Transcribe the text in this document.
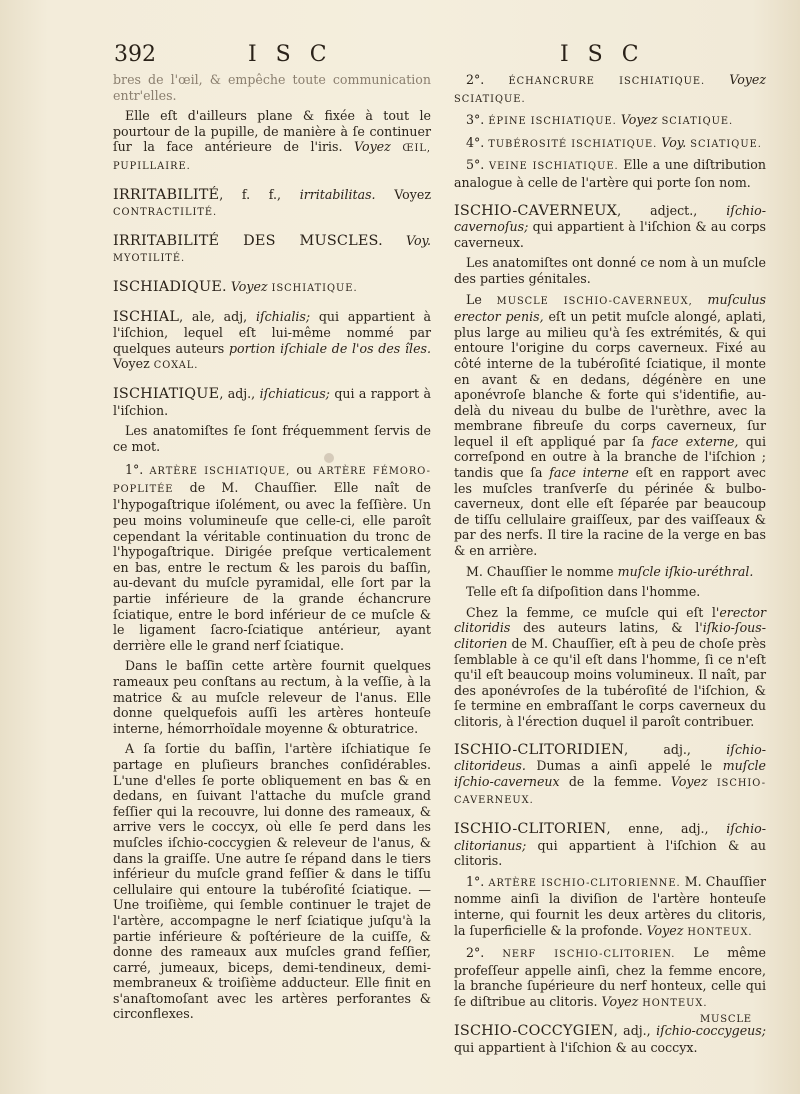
392	I S C	I S C

bres de l'œil, & empêche toute communication entr'elles.

Elle eſt d'ailleurs plane & fixée à tout le pourtour de la pupille, de manière à ſe continuer ſur la face antérieure de l'iris. Voyez ŒIL, PUPILLAIRE.

IRRITABILITÉ, f. f., irritabilitas. Voyez CONTRACTILITÉ.

IRRITABILITÉ DES MUSCLES. Voy. MYOTILITÉ.

ISCHIADIQUE. Voyez ISCHIATIQUE.

ISCHIAL, ale, adj, iſchialis; qui appartient à l'iſchion, lequel eſt lui-même nommé par quelques auteurs portion iſchiale de l'os des îles. Voyez COXAL.

ISCHIATIQUE, adj., iſchiaticus; qui a rapport à l'iſchion.

Les anatomiſtes ſe ſont fréquemment ſervis de ce mot.

1°. ARTÈRE ISCHIATIQUE, ou ARTÈRE FÉMORO-POPLITÉE de M. Chauſſier. Elle naît de l'hypogaſtrique iſolément, ou avec la feſſière. Un peu moins volumineuſe que celle-ci, elle paroît cependant la véritable continuation du tronc de l'hypogaſtrique. Dirigée preſque verticalement en bas, entre le rectum & les parois du baſſin, au-devant du muſcle pyramidal, elle ſort par la partie inférieure de la grande échancrure ſciatique, entre le bord inférieur de ce muſcle & le ligament ſacro-ſciatique antérieur, ayant derrière elle le grand nerf ſciatique.

Dans le baſſin cette artère fournit quelques rameaux peu conſtans au rectum, à la veſſie, à la matrice & au muſcle releveur de l'anus. Elle donne quelquefois auſſi les artères honteuſe interne, hémorrhoïdale moyenne & obturatrice.

A ſa ſortie du baſſin, l'artère iſchiatique ſe partage en pluſieurs branches conſidérables. L'une d'elles ſe porte obliquement en bas & en dedans, en ſuivant l'attache du muſcle grand feſſier qui la recouvre, lui donne des rameaux, & arrive vers le coccyx, où elle ſe perd dans les muſcles iſchio-coccygien & releveur de l'anus, & dans la graiſſe. Une autre ſe répand dans le tiers inférieur du muſcle grand feſſier & dans le tiſſu cellulaire qui entoure la tubéroſité ſciatique. — Une troiſième, qui ſemble continuer le trajet de l'artère, accompagne le nerf ſciatique juſqu'à la partie inférieure & poſtérieure de la cuiſſe, & donne des rameaux aux muſcles grand feſſier, carré, jumeaux, biceps, demi-tendineux, demi-membraneux & troiſième adducteur. Elle finit en s'anaſtomoſant avec les artères perforantes & circonflexes.

2°. ÉCHANCRURE ISCHIATIQUE. Voyez SCIATIQUE.

3°. ÉPINE ISCHIATIQUE. Voyez SCIATIQUE.

4°. TUBÉROSITÉ ISCHIATIQUE. Voy. SCIATIQUE.

5°. VEINE ISCHIATIQUE. Elle a une diſtribution analogue à celle de l'artère qui porte ſon nom.

ISCHIO-CAVERNEUX, adject., iſchio-cavernoſus; qui appartient à l'iſchion & au corps caverneux.

Les anatomiſtes ont donné ce nom à un muſcle des parties génitales.

Le MUSCLE ISCHIO-CAVERNEUX, muſculus erector penis, eſt un petit muſcle alongé, aplati, plus large au milieu qu'à ſes extrémités, & qui entoure l'origine du corps caverneux. Fixé au côté interne de la tubéroſité ſciatique, il monte en avant & en dedans, dégénère en une aponévroſe blanche & forte qui s'identifie, au-delà du niveau du bulbe de l'urèthre, avec la membrane fibreuſe du corps caverneux, ſur lequel il eſt appliqué par ſa face externe, qui correſpond en outre à la branche de l'iſchion ; tandis que ſa face interne eſt en rapport avec les muſcles tranſverſe du périnée & bulbo-caverneux, dont elle eſt ſéparée par beaucoup de tiſſu cellulaire graiſſeux, par des vaiſſeaux & par des nerfs. Il tire la racine de la verge en bas & en arrière.

M. Chauſſier le nomme muſcle iſkio-uréthral.

Telle eſt ſa diſpoſition dans l'homme.

Chez la femme, ce muſcle qui eſt l'erector clitoridis des auteurs latins, & l'iſkio-ſous-clitorien de M. Chauſſier, eſt à peu de choſe près ſemblable à ce qu'il eſt dans l'homme, ſi ce n'eſt qu'il eſt beaucoup moins volumineux. Il naît, par des aponévroſes de la tubéroſité de l'iſchion, & ſe termine en embraſſant le corps caverneux du clitoris, à l'érection duquel il paroît contribuer.

ISCHIO-CLITORIDIEN, adj.,	iſchio-clitorideus. Dumas a ainſi appelé le muſcle iſchio-caverneux de la femme. Voyez ISCHIO-CAVERNEUX.

ISCHIO-CLITORIEN, enne, adj., iſchio-clitorianus; qui appartient à l'iſchion & au clitoris.

1°. ARTÈRE ISCHIO-CLITORIENNE. M. Chauſſier nomme ainſi la diviſion de l'artère honteuſe interne, qui fournit les deux artères du clitoris, la ſuperficielle & la profonde. Voyez HONTEUX.

2°. NERF ISCHIO-CLITORIEN. Le même profeſſeur appelle ainſi, chez la femme encore, la branche ſupérieure du nerf honteux, celle qui ſe diſtribue au clitoris. Voyez HONTEUX.

ISCHIO-COCCYGIEN, adj., iſchio-coccygeus; qui appartient à l'iſchion & au coccyx.

MUSCLE
